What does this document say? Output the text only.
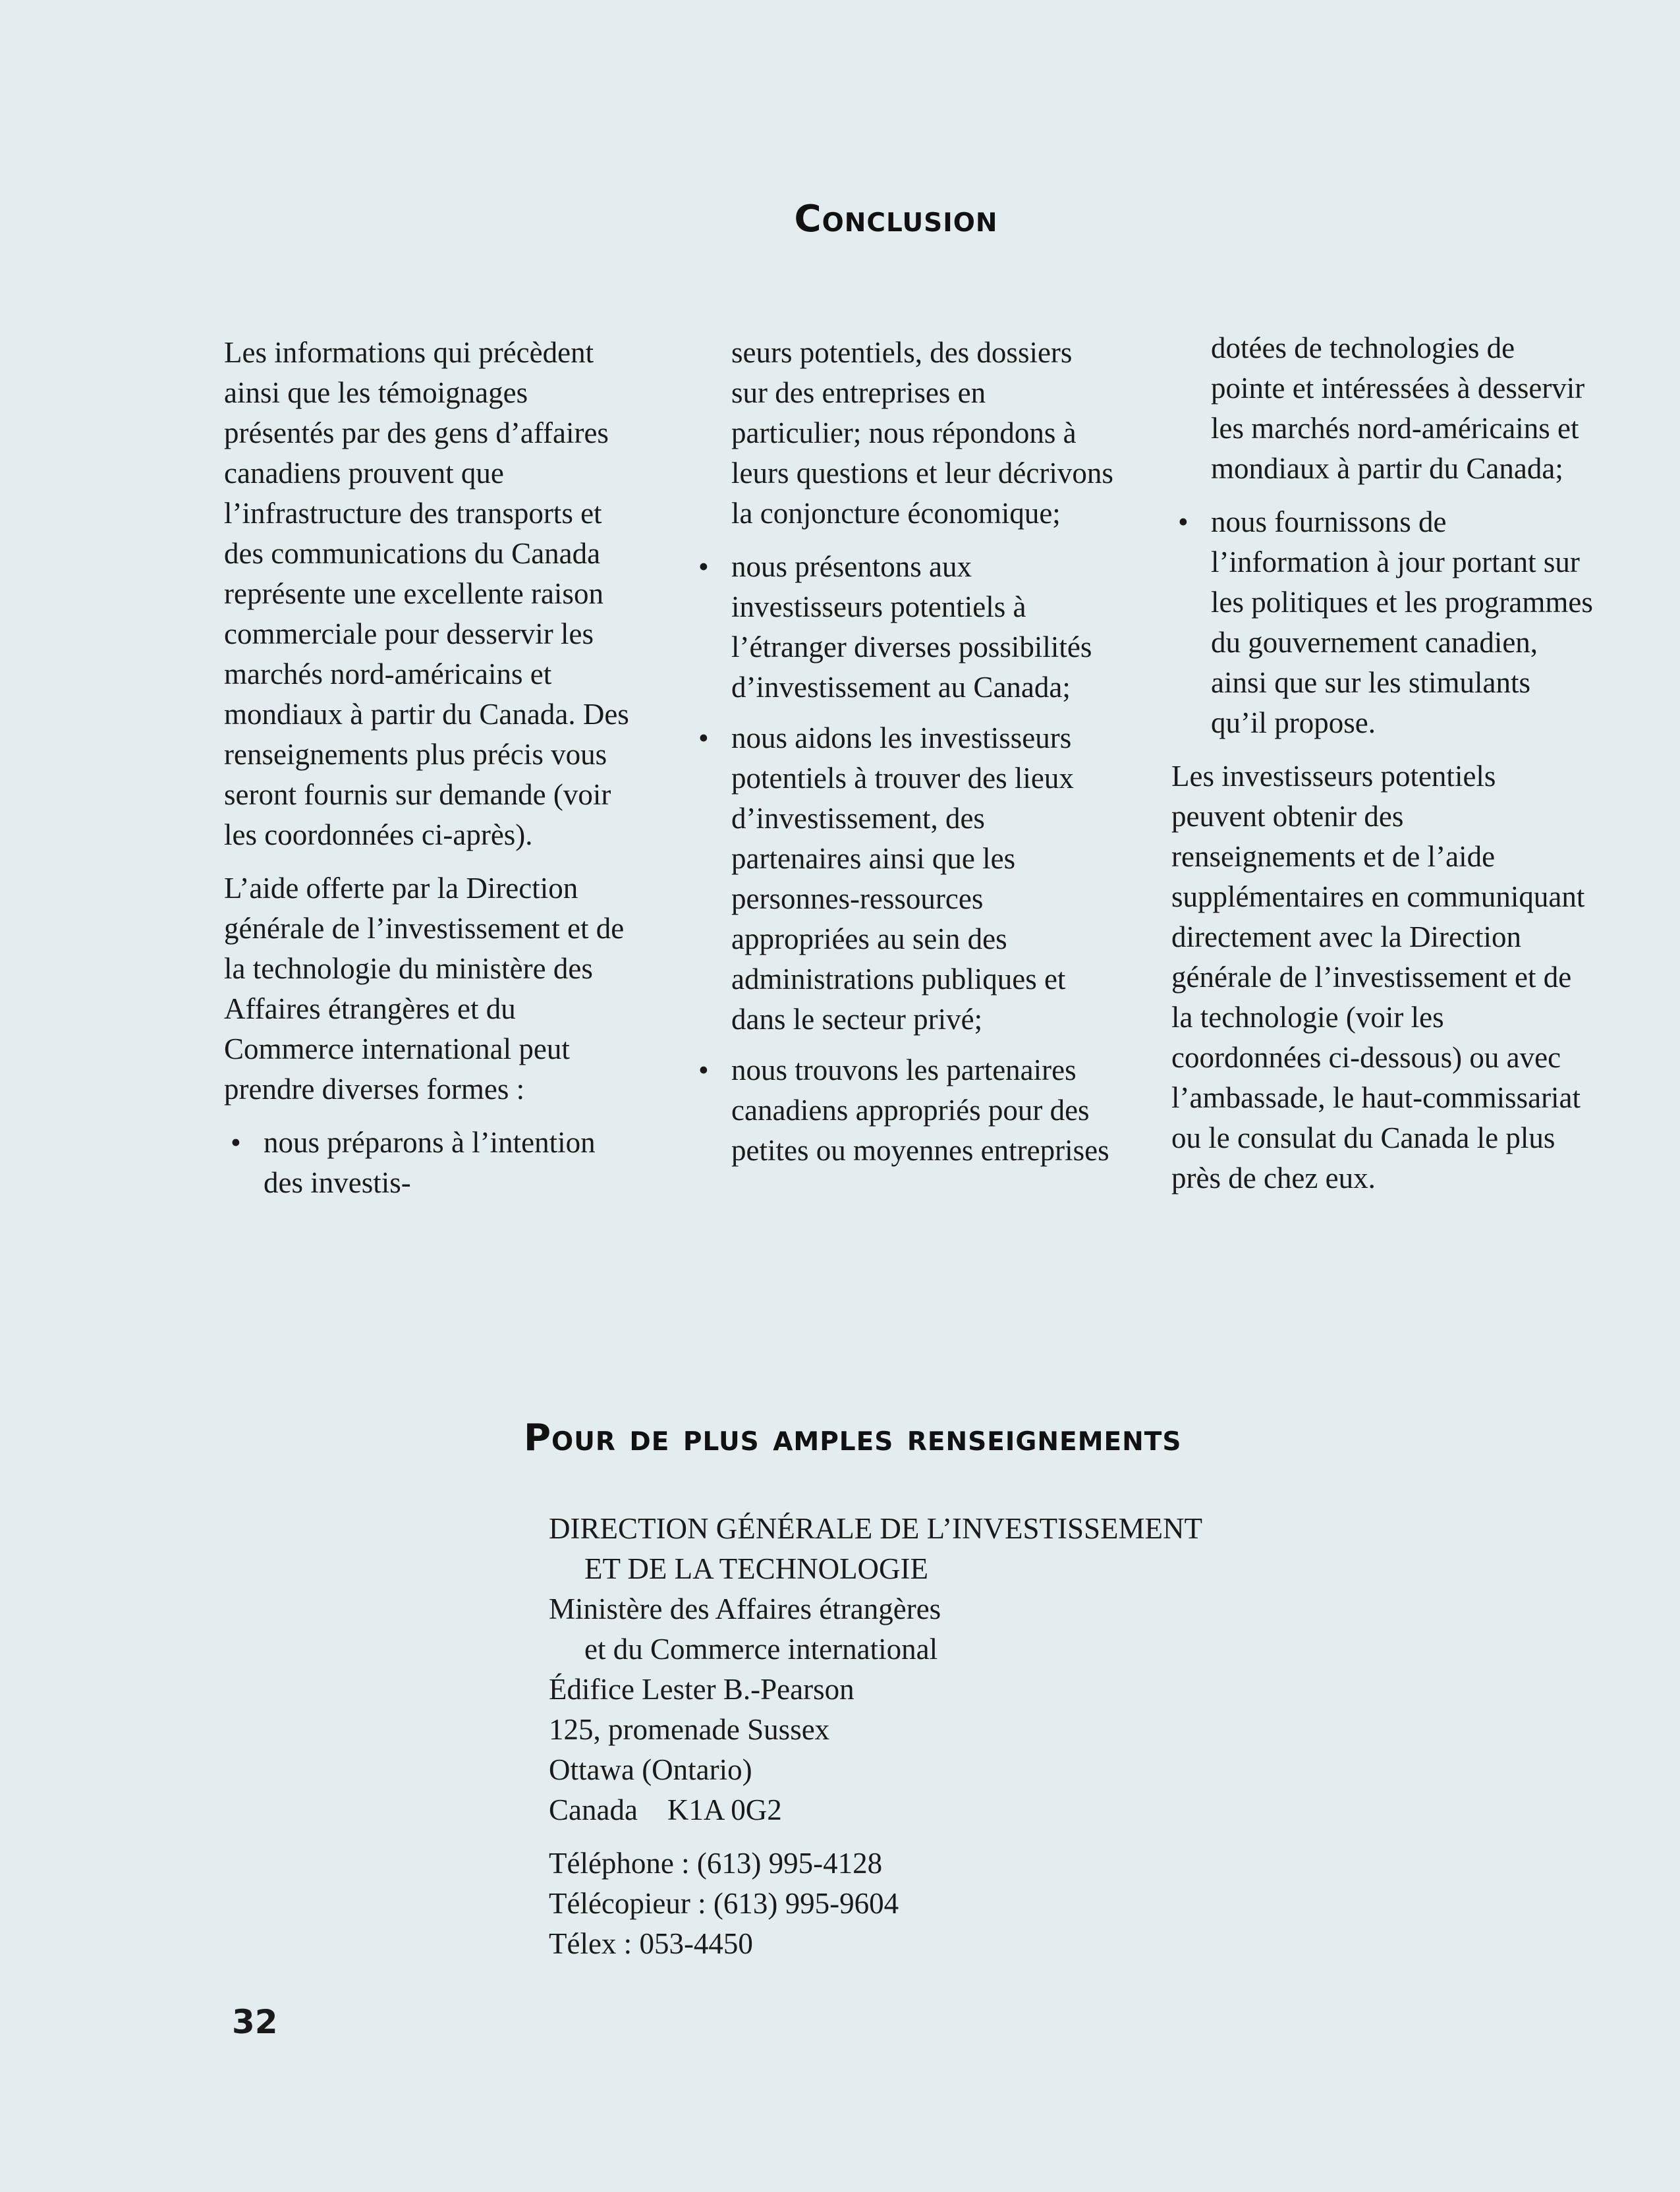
Conclusion

Les informations qui précèdent ainsi que les témoignages présentés par des gens d’affaires canadiens prouvent que l’infrastructure des transports et des communications du Canada représente une excellente raison commerciale pour desservir les marchés nord-américains et mondiaux à partir du Canada. Des renseignements plus précis vous seront fournis sur demande (voir les coordonnées ci-après).

L’aide offerte par la Direction générale de l’investissement et de la technologie du ministère des Affaires étrangères et du Commerce international peut prendre diverses formes :

• nous préparons à l’intention des investis-

seurs potentiels, des dossiers sur des entreprises en particulier; nous répondons à leurs questions et leur décrivons la conjoncture économique;

• nous présentons aux investisseurs potentiels à l’étranger diverses possibilités d’investissement au Canada;
• nous aidons les investisseurs potentiels à trouver des lieux d’investissement, des partenaires ainsi que les personnes-ressources appropriées au sein des administrations publiques et dans le secteur privé;
• nous trouvons les partenaires canadiens appropriés pour des petites ou moyennes entreprises

dotées de technologies de pointe et intéressées à desservir les marchés nord-américains et mondiaux à partir du Canada;

• nous fournissons de l’information à jour portant sur les politiques et les programmes du gouvernement canadien, ainsi que sur les stimulants qu’il propose.

Les investisseurs potentiels peuvent obtenir des renseignements et de l’aide supplémentaires en communiquant directement avec la Direction générale de l’investissement et de la technologie (voir les coordonnées ci-dessous) ou avec l’ambassade, le haut-commissariat ou le consulat du Canada le plus près de chez eux.

Pour de plus amples renseignements
DIRECTION GÉNÉRALE DE L’INVESTISSEMENT
ET DE LA TECHNOLOGIE
Ministère des Affaires étrangères
et du Commerce international
Édifice Lester B.-Pearson
125, promenade Sussex
Ottawa (Ontario)
Canada    K1A 0G2
Téléphone : (613) 995-4128
Télécopieur : (613) 995-9604
Télex : 053-4450
32
